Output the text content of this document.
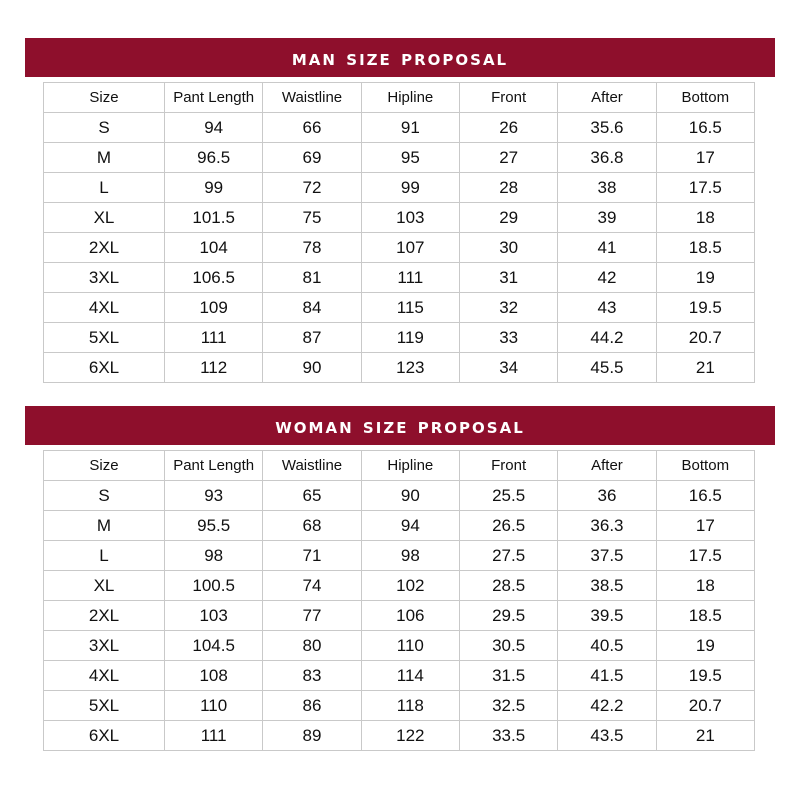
man size proposal
Size	Pant Length	Waistline	Hipline	Front	After	Bottom
S	94	66	91	26	35.6	16.5
M	96.5	69	95	27	36.8	17
L	99	72	99	28	38	17.5
XL	101.5	75	103	29	39	18
2XL	104	78	107	30	41	18.5
3XL	106.5	81	111	31	42	19
4XL	109	84	115	32	43	19.5
5XL	111	87	119	33	44.2	20.7
6XL	112	90	123	34	45.5	21
woman size proposal
Size	Pant Length	Waistline	Hipline	Front	After	Bottom
S	93	65	90	25.5	36	16.5
M	95.5	68	94	26.5	36.3	17
L	98	71	98	27.5	37.5	17.5
XL	100.5	74	102	28.5	38.5	18
2XL	103	77	106	29.5	39.5	18.5
3XL	104.5	80	110	30.5	40.5	19
4XL	108	83	114	31.5	41.5	19.5
5XL	110	86	118	32.5	42.2	20.7
6XL	111	89	122	33.5	43.5	21
